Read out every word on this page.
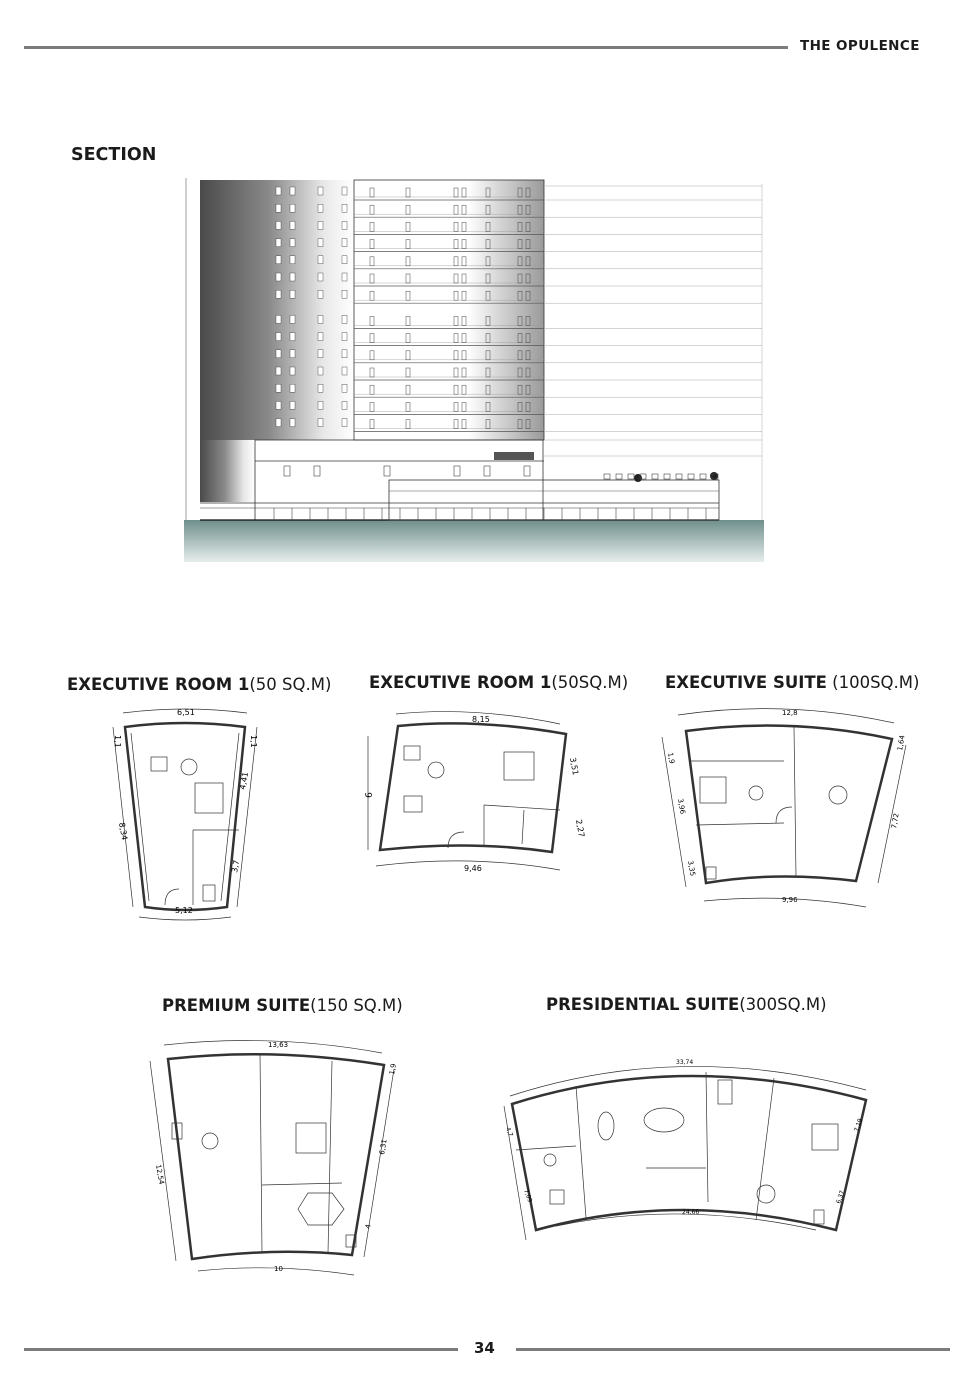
THE OPULENCE
SECTION
EXECUTIVE ROOM 1(50 SQ.M) EXECUTIVE ROOM 1(50SQ.M) EXECUTIVE SUITE (100SQ.M)
PREMIUM SUITE(150 SQ.M)	PRESIDENTIAL SUITE(300SQ.M)
6,51
1,1	1,1
4,41
8,34
3,7
5,12
8,15
6
3,51
2,27
9,46
12,8
1,9
3,96
3,35
1,64
7,72
9,96
13,63
1,9
12,54
6,31
4
10
33,74
4,7
7,09
7,19
6,37
24,66
34
